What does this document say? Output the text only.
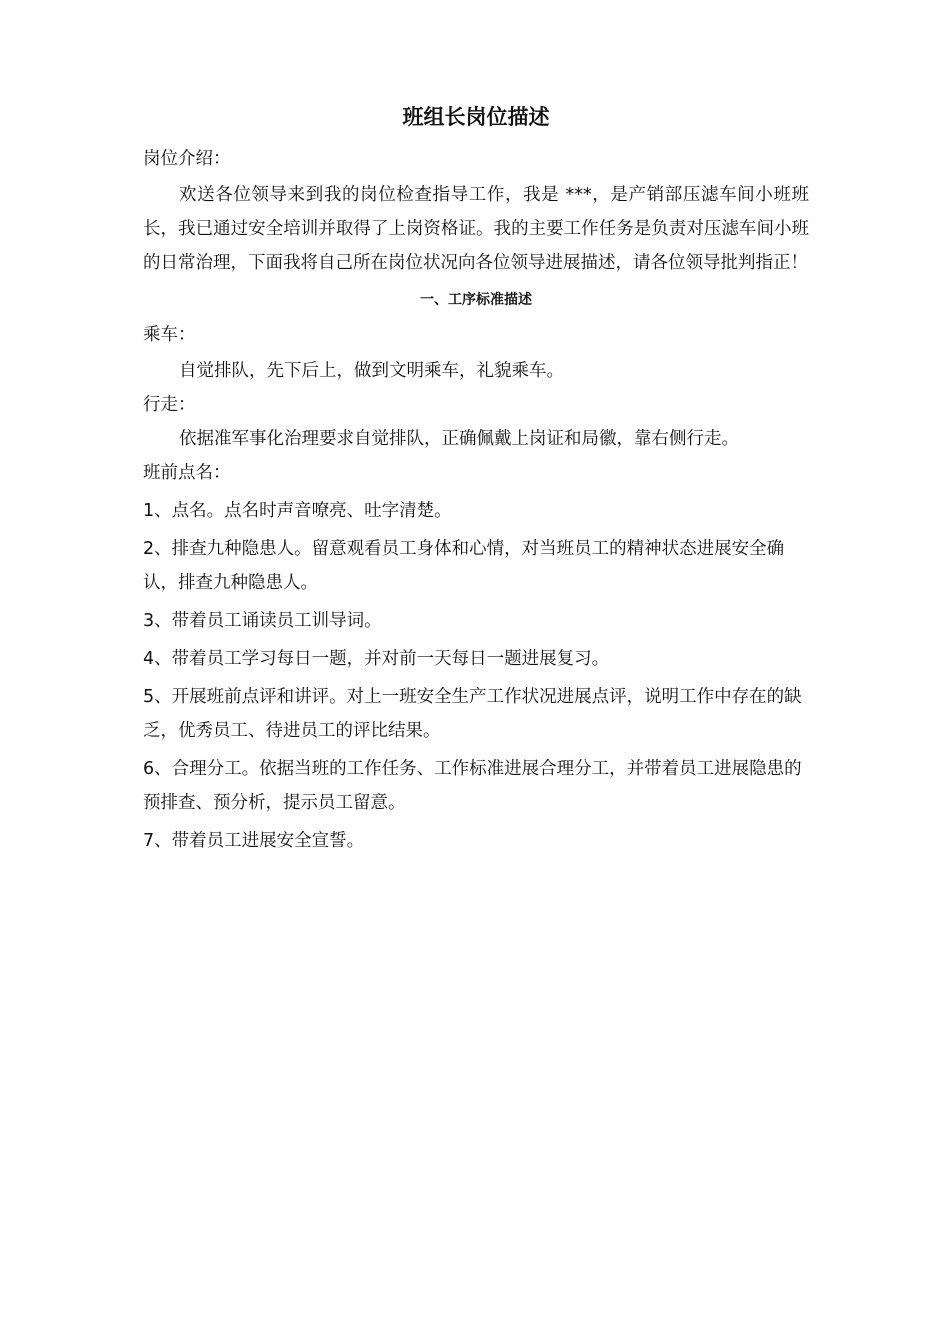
班组长岗位描述

岗位介绍：

欢送各位领导来到我的岗位检查指导工作，我是 ***，是产销部压滤车间小班班长，我已通过安全培训并取得了上岗资格证。我的主要工作任务是负责对压滤车间小班的日常治理，下面我将自己所在岗位状况向各位领导进展描述，请各位领导批判指正！

一、工序标准描述

乘车：

自觉排队，先下后上，做到文明乘车，礼貌乘车。

行走：

依据准军事化治理要求自觉排队，正确佩戴上岗证和局徽，靠右侧行走。

班前点名：

1、点名。点名时声音嘹亮、吐字清楚。

2、排查九种隐患人。留意观看员工身体和心情，对当班员工的精神状态进展安全确认，排查九种隐患人。

3、带着员工诵读员工训导词。

4、带着员工学习每日一题，并对前一天每日一题进展复习。

5、开展班前点评和讲评。对上一班安全生产工作状况进展点评，说明工作中存在的缺乏，优秀员工、待进员工的评比结果。

6、合理分工。依据当班的工作任务、工作标准进展合理分工，并带着员工进展隐患的预排查、预分析，提示员工留意。

7、带着员工进展安全宣誓。
